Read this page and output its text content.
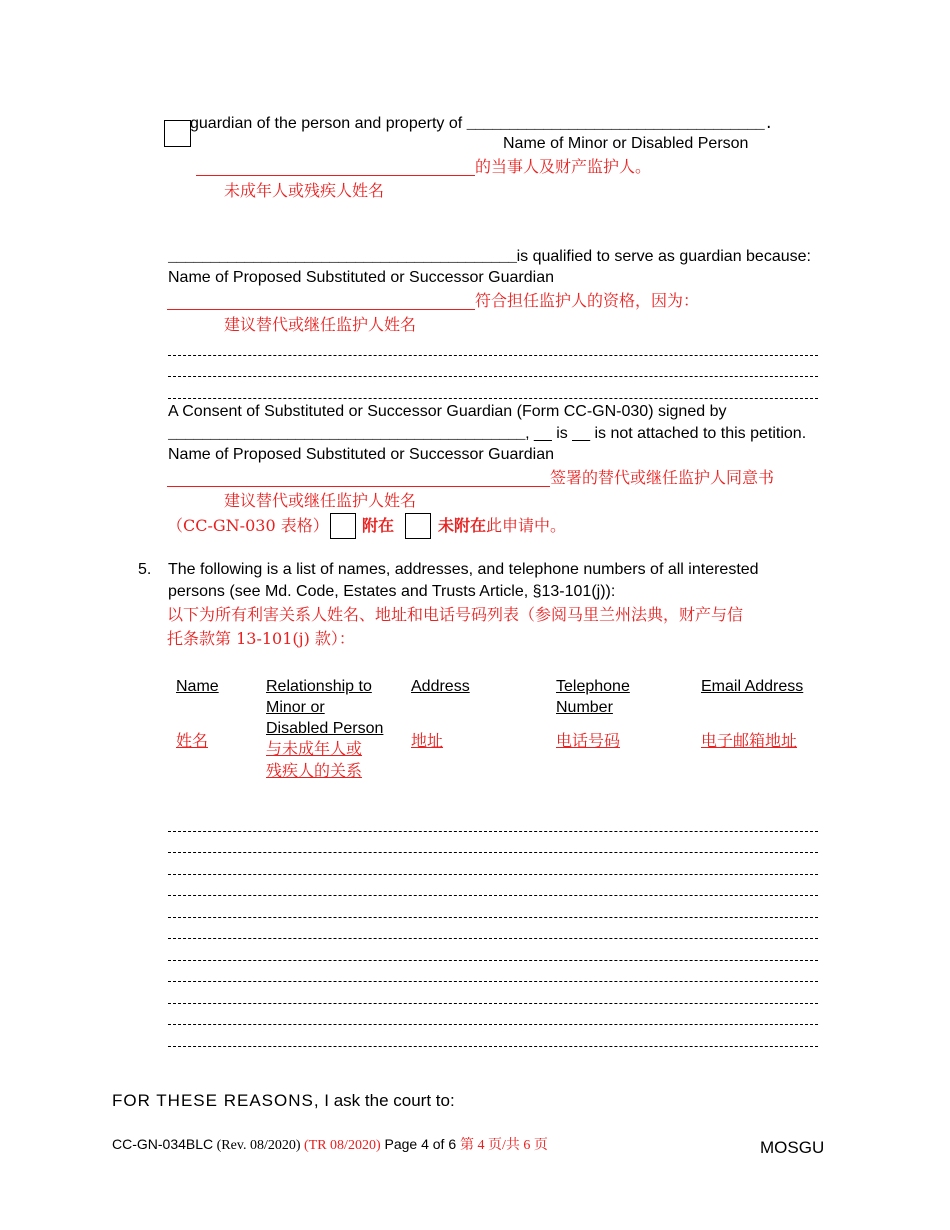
guardian of the person and property of ___________________________________.
Name of Minor or Disabled Person
的当事人及财产监护人。
未成年人或残疾人姓名
_________________________________________is qualified to serve as guardian because:
Name of Proposed Substituted or Successor Guardian
符合担任监护人的资格，因为：
建议替代或继任监护人姓名
A Consent of Substituted or Successor Guardian (Form CC-GN-030) signed by
__________________________________________, __ is __ is not attached to this petition.
Name of Proposed Substituted or Successor Guardian
签署的替代或继任监护人同意书
建议替代或继任监护人姓名
（CC-GN-030 表格） 附在	未附在此申请中。
5. The following is a list of names, addresses, and telephone numbers of all interested
persons (see Md. Code, Estates and Trusts Article, §13-101(j)):
以下为所有利害关系人姓名、地址和电话号码列表（参阅马里兰州法典，财产与信
托条款第 13-101(j) 款）：
Name
姓名
Relationship to
Minor or
Disabled Person
与未成年人或
残疾人的关系
Address
地址
Telephone
Number
电话号码
Email Address
电子邮箱地址
FOR THESE REASONS, I ask the court to:
CC-GN-034BLC (Rev. 08/2020) (TR 08/2020) Page 4 of 6 第 4 页/共 6 页	MOSGU
